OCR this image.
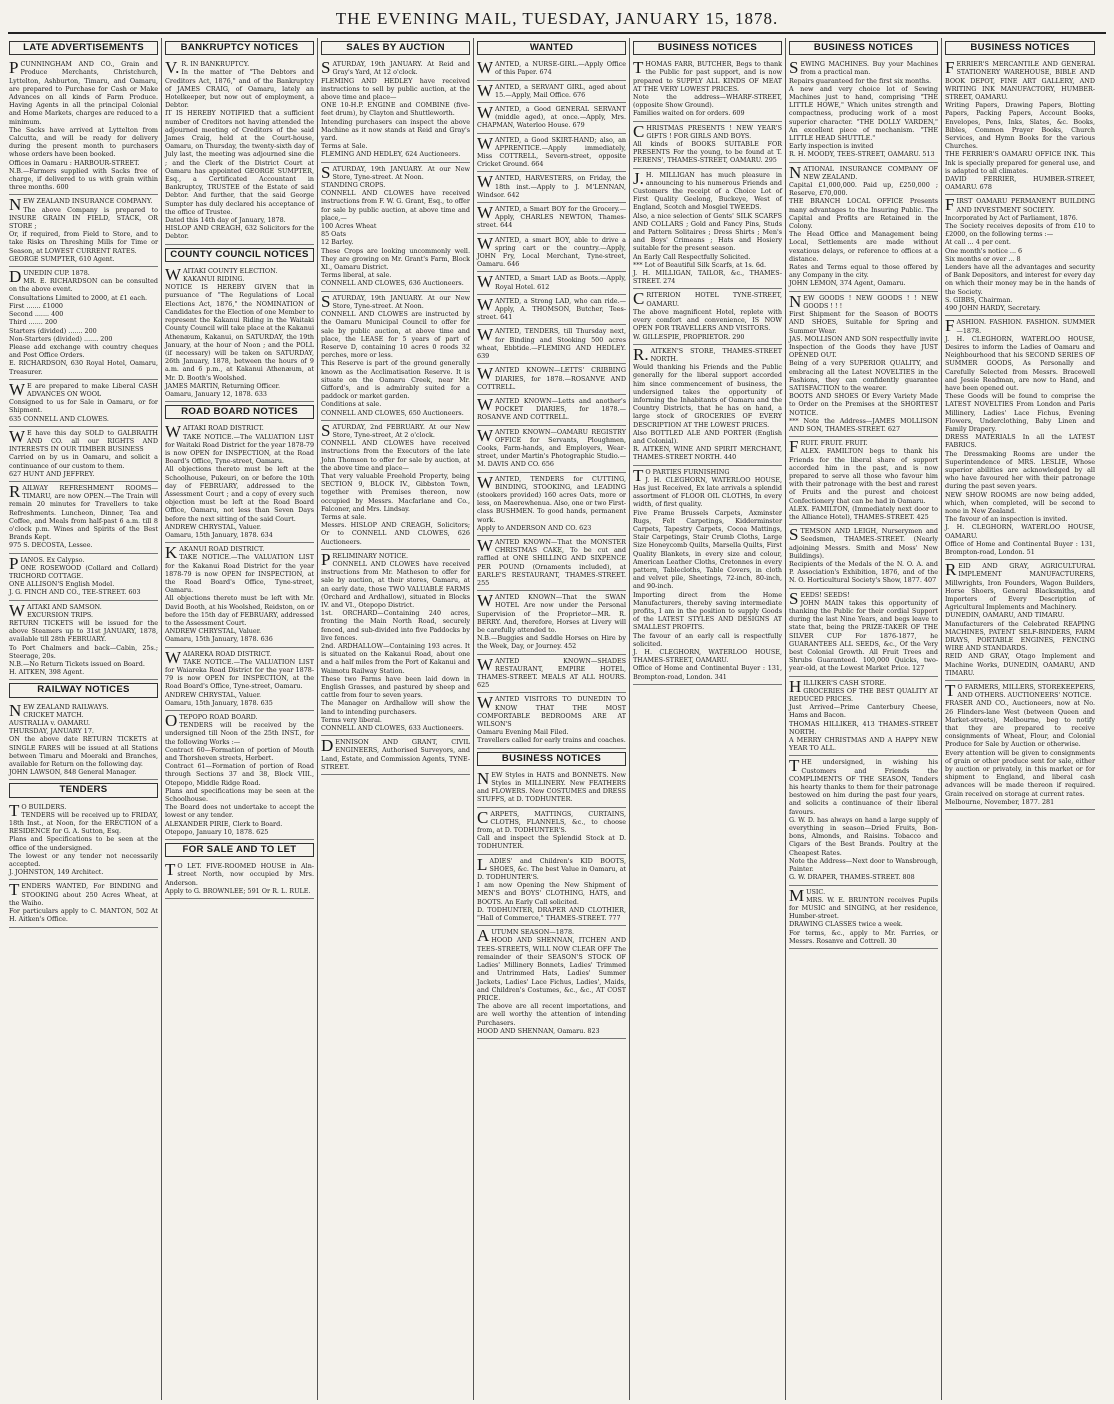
THE EVENING MAIL, TUESDAY, JANUARY 15, 1878.
LATE ADVERTISEMENTS

PCUNNINGHAM AND CO., Grain and Produce Merchants, Christchurch, Lyttelton, Ashburton, Timaru, and Oamaru, are prepared to Purchase for Cash or Make Advances on all kinds of Farm Produce. Having Agents in all the principal Colonial and Home Markets, charges are reduced to a minimum.
The Sacks have arrived at Lyttelton from Calcutta, and will be ready for delivery during the present month to purchasers whose orders have been booked.
Offices in Oamaru : HARBOUR-STREET.
N.B.—Farmers supplied with Sacks free of charge, if delivered to us with grain within three months. 600

NEW ZEALAND INSURANCE COMPANY.
The above Company is prepared to INSURE GRAIN IN FIELD, STACK, OR STORE ;
Or, if required, from Field to Store, and to take Risks on Threshing Mills for Time or Season, at LOWEST CURRENT RATES.
GEORGE SUMPTER, 610 Agent.

DUNEDIN CUP. 1878.
MR. E. RICHARDSON can be consulted on the above event.
Consultations Limited to 2000, at £1 each.
First ....... £1000
Second ....... 400
Third ....... 200
Starters (divided) ....... 200
Non-Starters (divided) ....... 200
Please add exchange with country cheques and Post Office Orders.
E. RICHARDSON, 630 Royal Hotel, Oamaru, Treasurer.

WE are prepared to make Liberal CASH ADVANCES ON WOOL
Consigned to us for Sale in Oamaru, or for Shipment.
635 CONNELL AND CLOWES.

WE have this day SOLD to GALBRAITH AND CO. all our RIGHTS AND INTERESTS IN OUR TIMBER BUSINESS
Carried on by us in Oamaru, and solicit a continuance of our custom to them.
627 HUNT AND JEFFREY.

RAILWAY REFRESHMENT ROOMS—TIMARU, are now OPEN.—The Train will remain 20 minutes for Travellers to take Refreshments. Luncheon, Dinner, Tea and Coffee, and Meals from half-past 6 a.m. till 8 o'clock p.m. Wines and Spirits of the Best Brands Kept.
975 S. DECOSTA, Lessee.

PIANOS. Ex Calypso.
ONE ROSEWOOD (Collard and Collard) TRICHORD COTTAGE.
ONE ALLISON'S English Model.
J. G. FINCH AND CO., TEE-STREET. 603

WAITAKI AND SAMSON.
EXCURSION TRIPS.
RETURN TICKETS will be issued for the above Steamers up to 31st JANUARY, 1878, available till 28th FEBRUARY.
To Port Chalmers and back—Cabin, 25s.; Steerage, 20s.
N.B.—No Return Tickets issued on Board.
H. AITKEN, 398 Agent.

RAILWAY NOTICES

NEW ZEALAND RAILWAYS.
CRICKET MATCH.
AUSTRALIA v. OAMARU.
THURSDAY, JANUARY 17.
ON the above date RETURN TICKETS at SINGLE FARES will be issued at all Stations between Timaru and Moeraki and Branches, available for Return on the following day.
JOHN LAWSON, 848 General Manager.

TENDERS

TO BUILDERS.
TENDERS will be received up to FRIDAY, 18th Inst., at Noon, for the ERECTION of a RESIDENCE for G. A. Sutton, Esq.
Plans and Specifications to be seen at the office of the undersigned.
The lowest or any tender not necessarily accepted.
J. JOHNSTON, 149 Architect.

TENDERS WANTED, For BINDING and STOOKING about 250 Acres Wheat, at the Waiho.
For particulars apply to C. MANTON, 502 At H. Aitken's Office.

BANKRUPTCY NOTICES

V.R. IN BANKRUPTCY.
In the matter of "The Debtors and Creditors Act, 1876," and of the Bankruptcy of JAMES CRAIG, of Oamaru, lately an Hotelkeeper, but now out of employment, a Debtor.
IT IS HEREBY NOTIFIED that a sufficient number of Creditors not having attended the adjourned meeting of Creditors of the said James Craig, held at the Court-house, Oamaru, on Thursday, the twenty-sixth day of July last, the meeting was adjourned sine die ; and the Clerk of the District Court at Oamaru has appointed GEORGE SUMPTER, Esq., a Certificated Accountant in Bankruptcy, TRUSTEE of the Estate of said Debtor. And further, that the said George Sumpter has duly declared his acceptance of the office of Trustee.
Dated this 14th day of January, 1878.
HISLOP AND CREAGH, 632 Solicitors for the Debtor.

COUNTY COUNCIL NOTICES

WAITAKI COUNTY ELECTION.
KAKANUI RIDING.
NOTICE IS HEREBY GIVEN that in pursuance of "The Regulations of Local Elections Act, 1876," the NOMINATION of Candidates for the Election of one Member to represent the Kakanui Riding in the Waitaki County Council will take place at the Kakanui Athenæum, Kakanui, on SATURDAY, the 19th January, at the hour of Noon ; and the POLL (if necessary) will be taken on SATURDAY, 26th January, 1878, between the hours of 9 a.m. and 6 p.m., at Kakanui Athenæum, at Mr. D. Booth's Woolshed.
JAMES MARTIN, Returning Officer.
Oamaru, January 12, 1878. 633

ROAD BOARD NOTICES

WAITAKI ROAD DISTRICT.
TAKE NOTICE.—The VALUATION LIST for Waitaki Road District for the year 1878-79 is now OPEN for INSPECTION, at the Road Board's Office, Tyne-street, Oamaru.
All objections thereto must be left at the Schoolhouse, Pukeuri, on or before the 10th day of FEBRUARY, addressed to the Assessment Court ; and a copy of every such objection must be left at the Road Board Office, Oamaru, not less than Seven Days before the next sitting of the said Court.
ANDREW CHRYSTAL, Valuer.
Oamaru, 15th January, 1878. 634

KAKANUI ROAD DISTRICT.
TAKE NOTICE.—The VALUATION LIST for the Kakanui Road District for the year 1878-79 is now OPEN for INSPECTION, at the Road Board's Office, Tyne-street, Oamaru.
All objections thereto must be left with Mr. David Booth, at his Woolshed, Reidston, on or before the 15th day of FEBRUARY, addressed to the Assessment Court.
ANDREW CHRYSTAL, Valuer.
Oamaru, 15th January, 1878. 636

WAIAREKA ROAD DISTRICT.
TAKE NOTICE.—The VALUATION LIST for Waiareka Road District for the year 1878-79 is now OPEN for INSPECTION, at the Road Board's Office, Tyne-street, Oamaru.
ANDREW CHRYSTAL, Valuer.
Oamaru, 15th January, 1878. 635

OTEPOPO ROAD BOARD.
TENDERS will be received by the undersigned till Noon of the 25th INST., for the following Works :—
Contract 60—Formation of portion of Mouth and Thorsheven streets, Herbert.
Contract 61—Formation of portion of Road through Sections 37 and 38, Block VIII., Otepopo, Middle Ridge Road.
Plans and specifications may be seen at the Schoolhouse.
The Board does not undertake to accept the lowest or any tender.
ALEXANDER PIRIE, Clerk to Board.
Otepopo, January 10, 1878. 625

FOR SALE AND TO LET

TO LET. FIVE-ROOMED HOUSE in Aln-street North, now occupied by Mrs. Anderson.
Apply to G. BROWNLEE; 591 Or R. L. RULE.

SALES BY AUCTION

SATURDAY, 19th JANUARY. At Reid and Gray's Yard, At 12 o'clock.
FLEMING AND HEDLEY have received instructions to sell by public auction, at the above time and place—
ONE 10-H.P. ENGINE and COMBINE (five-feet drum), by Clayton and Shuttleworth.
Intending purchasers can inspect the above Machine as it now stands at Reid and Gray's yard.
Terms at Sale.
FLEMING AND HEDLEY, 624 Auctioneers.

SATURDAY, 19th JANUARY. At our New Store, Tyne-street. At Noon.
STANDING CROPS.
CONNELL AND CLOWES have received instructions from F. W. G. Grant, Esq., to offer for sale by public auction, at above time and place,—
100 Acres Wheat
85 Oats
12 Barley.
These Crops are looking uncommonly well. They are growing on Mr. Grant's Farm, Block XI., Oamaru District.
Terms liberal, at sale.
CONNELL AND CLOWES, 636 Auctioneers.

SATURDAY, 19th JANUARY. At our New Store, Tyne-street. At Noon.
CONNELL AND CLOWES are instructed by the Oamaru Municipal Council to offer for sale by public auction, at above time and place, the LEASE for 5 years of part of Reserve D, containing 10 acres 0 roods 32 perches, more or less.
This Reserve is part of the ground generally known as the Acclimatisation Reserve. It is situate on the Oamaru Creek, near Mr. Gifford's, and is admirably suited for a paddock or market garden.
Conditions at sale.
CONNELL AND CLOWES, 650 Auctioneers.

SATURDAY, 2nd FEBRUARY. At our New Store, Tyne-street, At 2 o'clock.
CONNELL AND CLOWES have received instructions from the Executors of the late John Thomson to offer for sale by auction, at the above time and place—
That very valuable Freehold Property, being SECTION 9, BLOCK IV., Gibbston Town, together with Premises thereon, now occupied by Messrs. Macfarlane and Co., Falconer, and Mrs. Lindsay.
Terms at sale.
Messrs. HISLOP AND CREAGH, Solicitors; Or to CONNELL AND CLOWES, 626 Auctioneers.

PRELIMINARY NOTICE.
CONNELL AND CLOWES have received instructions from Mr. Matheson to offer for sale by auction, at their stores, Oamaru, at an early date, those TWO VALUABLE FARMS (Orchard and Ardhallow), situated in Blocks IV. and VI., Otepopo District.
1st. ORCHARD—Containing 240 acres, fronting the Main North Road, securely fenced, and sub-divided into five Paddocks by live fences.
2nd. ARDHALLOW—Containing 193 acres. It is situated on the Kakanui Road, about one and a half miles from the Port of Kakanui and Waimotu Railway Station.
These two Farms have been laid down in English Grasses, and pastured by sheep and cattle from four to seven years.
The Manager on Ardhallow will show the land to intending purchasers.
Terms very liberal.
CONNELL AND CLOWES, 633 Auctioneers.

DENNISON AND GRANT, CIVIL ENGINEERS, Authorised Surveyors, and Land, Estate, and Commission Agents, TYNE-STREET.

WANTED

WANTED, a NURSE-GIRL.—Apply Office of this Paper. 674

WANTED, a SERVANT GIRL, aged about 15.—Apply, Mail Office. 676

WANTED, a Good GENERAL SERVANT (middle aged), at once.—Apply, Mrs. CHAPMAN, Waterloo House. 679

WANTED, a Good SKIRT-HAND; also, an APPRENTICE.—Apply immediately, Miss COTTRELL, Severn-street, opposite Cricket Ground. 664

WANTED, HARVESTERS, on Friday, the 18th inst.—Apply to J. M'LENNAN, Windsor. 642

WANTED, a Smart BOY for the Grocery.—Apply, CHARLES NEWTON, Thames-street. 644

WANTED, a smart BOY, able to drive a spring cart or the country.—Apply, JOHN Fry, Local Merchant, Tyne-street, Oamaru. 646

WANTED, a Smart LAD as Boots.—Apply, Royal Hotel. 612

WANTED, a Strong LAD, who can ride.—Apply, A. THOMSON, Butcher, Tees-street. 641

WANTED, TENDERS, till Thursday next, for Binding and Stooking 500 acres wheat, Ebbtide.—FLEMING AND HEDLEY. 639

WANTED KNOWN—LETTS' CRIBBING DIARIES, for 1878.—ROSANVE AND COTTRELL.

WANTED KNOWN—Letts and another's POCKET DIARIES, for 1878.—ROSANVE AND COTTRELL.

WANTED KNOWN—OAMARU REGISTRY OFFICE for Servants, Ploughmen, Cooks, Farm-hands, and Employers, Wear-street, under Martin's Photographic Studio.—M. DAVIS AND CO. 656

WANTED, TENDERS for CUTTING, BINDING, STOOKING, and LEADING (stookers provided) 160 acres Oats, more or less, on Maerewhenua. Also, one or two First-class BUSHMEN. To good hands, permanent work.
Apply to ANDERSON AND CO. 623

WANTED KNOWN—That the MONSTER CHRISTMAS CAKE, To be cut and raffled at ONE SHILLING AND SIXPENCE PER POUND (Ornaments included), at EARLE'S RESTAURANT, THAMES-STREET. 255

WANTED KNOWN—That the SWAN HOTEL Are now under the Personal Supervision of the Proprietor—MR. R. BERRY. And, therefore, Horses at Livery will be carefully attended to.
N.B.—Buggies and Saddle Horses on Hire by the Week, Day, or Journey. 452

WANTED KNOWN—SHADES RESTAURANT, EMPIRE HOTEL, THAMES-STREET. MEALS AT ALL HOURS. 625

WANTED VISITORS TO DUNEDIN TO KNOW THAT THE MOST COMFORTABLE BEDROOMS ARE AT WILSON'S
Oamaru Evening Mail Filed.
Travellers called for early trains and coaches.

BUSINESS NOTICES

NEW Styles in HATS and BONNETS. New Styles in MILLINERY. New FEATHERS and FLOWERS. New COSTUMES and DRESS STUFFS, at D. TODHUNTER.

CARPETS, MATTINGS, CURTAINS, CLOTHS, FLANNELS, &c., to choose from, at D. TODHUNTER'S.
Call and inspect the Splendid Stock at D. TODHUNTER.

LADIES' and Children's KID BOOTS, SHOES, &c. The best Value in Oamaru, at D. TODHUNTER'S.
I am now Opening the New Shipment of MEN'S and BOYS' CLOTHING, HATS, and BOOTS. An Early Call solicited.
D. TODHUNTER, DRAPER AND CLOTHIER, "Hall of Commerce," THAMES-STREET. 777

AUTUMN SEASON—1878.
HOOD AND SHENNAN, ITCHEN AND TEES-STREETS, WILL NOW CLEAR OFF The remainder of their SEASON'S STOCK OF Ladies' Millinery Bonnets, Ladies' Trimmed and Untrimmed Hats, Ladies' Summer Jackets, Ladies' Lace Fichus, Ladies', Maids, and Children's Costumes, &c., &c., AT COST PRICE.
The above are all recent importations, and are well worthy the attention of intending Purchasers.
HOOD AND SHENNAN, Oamaru. 823

BUSINESS NOTICES

THOMAS FARR, BUTCHER, Begs to thank the Public for past support, and is now prepared to SUPPLY ALL KINDS OF MEAT AT THE VERY LOWEST PRICES.
Note the address—WHARF-STREET, (opposite Show Ground).
Families waited on for orders. 609

CHRISTMAS PRESENTS ! NEW YEAR'S GIFTS ! FOR GIRLS AND BOYS.
All kinds of BOOKS SUITABLE FOR PRESENTS For the young, to be found at T. FERENS', THAMES-STREET, OAMARU. 295

J.H. MILLIGAN has much pleasure in announcing to his numerous Friends and Customers the receipt of a Choice Lot of First Quality Geelong, Buckeye, West of England, Scotch and Mosgiel TWEEDS.
Also, a nice selection of Gents' SILK SCARFS AND COLLARS ; Gold and Fancy Pins, Studs and Pattern Solitaires ; Dress Shirts ; Men's and Boys' Crimeans ; Hats and Hosiery suitable for the present season.
An Early Call Respectfully Solicited.
*** Lot of Beautiful Silk Scarfs, at 1s. 6d.
J. H. MILLIGAN, TAILOR, &c., THAMES-STREET. 274

CRITERION HOTEL TYNE-STREET, OAMARU.
The above magnificent Hotel, replete with every comfort and convenience, IS NOW OPEN FOR TRAVELLERS AND VISITORS.
W. GILLESPIE, PROPRIETOR. 290

R.AITKEN'S STORE, THAMES-STREET NORTH.
Would thanking his Friends and the Public generally for the liberal support accorded him since commencement of business, the undersigned takes the opportunity of informing the Inhabitants of Oamaru and the Country Districts, that he has on hand, a large stock of GROCERIES OF EVERY DESCRIPTION AT THE LOWEST PRICES.
Also BOTTLED ALE AND PORTER (English and Colonial).
R. AITKEN, WINE AND SPIRIT MERCHANT, THAMES-STREET NORTH. 440

TO PARTIES FURNISHING
J. H. CLEGHORN, WATERLOO HOUSE, Has just Received, Ex late arrivals a splendid assortment of FLOOR OIL CLOTHS, In every width, of first quality.
Five Frame Brussels Carpets, Axminster Rugs, Felt Carpetings, Kidderminster Carpets, Tapestry Carpets, Cocoa Mattings, Stair Carpetings, Stair Crumb Cloths, Large Size Honeycomb Quilts, Marsella Quilts, First Quality Blankets, in every size and colour, American Leather Cloths, Cretonnes in every pattern, Tablecloths, Table Covers, in cloth and velvet pile, Sheetings, 72-inch, 80-inch, and 90-inch.
Importing direct from the Home Manufacturers, thereby saving intermediate profits, I am in the position to supply Goods of the LATEST STYLES AND DESIGNS AT SMALLEST PROFITS.
The favour of an early call is respectfully solicited.
J. H. CLEGHORN, WATERLOO HOUSE, THAMES-STREET, OAMARU.
Office of Home and Continental Buyer : 131, Brompton-road, London. 341

BUSINESS NOTICES

SEWING MACHINES. Buy your Machines from a practical man.
Repairs guaranteed for the first six months.
A new and very choice lot of Sewing Machines just to hand, comprising "THE LITTLE HOWE," Which unites strength and compactness, producing work of a most superior character. "THE DOLLY VARDEN," An excellent piece of mechanism. "THE LITTLE HEAD SHUTTLE."
Early inspection is invited
R. H. MOODY, TEES-STREET, OAMARU. 513

NATIONAL INSURANCE COMPANY OF NEW ZEALAND.
Capital £1,000,000. Paid up, £250,000 ; Reserve, £70,000.
THE BRANCH LOCAL OFFICE Presents many advantages to the Insuring Public. The Capital and Profits are Retained in the Colony.
The Head Office and Management being Local, Settlements are made without vexatious delays, or reference to offices at a distance.
Rates and Terms equal to those offered by any Company in the city.
JOHN LEMON, 374 Agent, Oamaru.

NEW GOODS ! NEW GOODS ! ! NEW GOODS ! ! !
First Shipment for the Season of BOOTS AND SHOES, Suitable for Spring and Summer Wear.
JAS. MOLLISON AND SON respectfully invite Inspection of the Goods they have JUST OPENED OUT.
Being of a very SUPERIOR QUALITY, and embracing all the Latest NOVELTIES in the Fashions, they can confidently guarantee SATISFACTION to the wearer.
BOOTS AND SHOES Of Every Variety Made to Order on the Premises at the SHORTEST NOTICE.
*** Note the Address—JAMES MOLLISON AND SON, THAMES-STREET. 627

FRUIT. FRUIT. FRUIT.
ALEX. FAMILTON begs to thank his Friends for the liberal share of support accorded him in the past, and is now prepared to serve all those who favour him with their patronage with the best and rarest of Fruits and the purest and choicest Confectionery that can be had in Oamaru.
ALEX. FAMILTON, (Immediately next door to the Alliance Hotel), THAMES-STREET. 425

STEMSON AND LEIGH, Nurserymen and Seedsmen, THAMES-STREET. (Nearly adjoining Messrs. Smith and Moss' New Buildings).
Recipients of the Medals of the N. O. A. and P. Association's Exhibition, 1876, and of the N. O. Horticultural Society's Show, 1877. 407

SEEDS! SEEDS!
JOHN MAIN takes this opportunity of thanking the Public for their cordial Support during the last Nine Years, and begs leave to state that, being the PRIZE-TAKER OF THE SILVER CUP For 1876-1877, he GUARANTEES ALL SEEDS, &c., Of the Very best Colonial Growth. All Fruit Trees and Shrubs Guaranteed. 100,000 Quicks, two-year-old, at the Lowest Market Price. 127

HILLIKER'S CASH STORE.
GROCERIES OF THE BEST QUALITY AT REDUCED PRICES.
Just Arrived—Prime Canterbury Cheese, Hams and Bacon.
THOMAS HILLIKER, 413 THAMES-STREET NORTH.
A MERRY CHRISTMAS AND A HAPPY NEW YEAR TO ALL.

THE undersigned, in wishing his Customers and Friends the COMPLIMENTS OF THE SEASON, Tenders his hearty thanks to them for their patronage bestowed on him during the past four years, and solicits a continuance of their liberal favours.
G. W. D. has always on hand a large supply of everything in season—Dried Fruits, Bon-bons, Almonds, and Raisins. Tobacco and Cigars of the Best Brands. Poultry at the Cheapest Rates.
Note the Address—Next door to Wansbrough, Painter.
G. W. DRAPER, THAMES-STREET. 808

MUSIC.
MRS. W. E. BRUNTON receives Pupils for MUSIC and SINGING, at her residence, Humber-street.
DRAWING CLASSES twice a week.
For terms, &c., apply to Mr. Farries, or Messrs. Rosanve and Cottrell. 30

BUSINESS NOTICES

FERRIER'S MERCANTILE AND GENERAL STATIONERY WAREHOUSE, BIBLE AND BOOK DEPOT, FINE ART GALLERY, AND WRITING INK MANUFACTORY, HUMBER-STREET, OAMARU.
Writing Papers, Drawing Papers, Blotting Papers, Packing Papers, Account Books, Envelopes, Pens, Inks, Slates, &c. Books, Bibles, Common Prayer Books, Church Services, and Hymn Books for the various Churches.
THE FERRIER'S OAMARU OFFICE INK. This Ink is specially prepared for general use, and is adapted to all climates.
DAVID FERRIER, HUMBER-STREET, OAMARU. 678

FIRST OAMARU PERMANENT BUILDING AND INVESTMENT SOCIETY.
Incorporated by Act of Parliament, 1876.
The Society receives deposits of from £10 to £2000, on the following terms :—
At call ... 4 per cent.
One month's notice ... 6
Six months or over ... 8
Lenders have all the advantages and security of Bank Depositors, and interest for every day on which their money may be in the hands of the Society.
S. GIBBS, Chairman.
490 JOHN HARDY, Secretary.

FASHION. FASHION. FASHION. SUMMER—1878.
J. H. CLEGHORN, WATERLOO HOUSE, Desires to inform the Ladies of Oamaru and Neighbourhood that his SECOND SERIES OF SUMMER GOODS, As Personally and Carefully Selected from Messrs. Bracewell and Jessie Readman, are now to Hand, and have been opened out.
These Goods will be found to comprise the LATEST NOVELTIES From London and Paris Millinery, Ladies' Lace Fichus, Evening Flowers, Underclothing, Baby Linen and Family Drapery.
DRESS MATERIALS In all the LATEST FABRICS.
The Dressmaking Rooms are under the Superintendence of MRS. LESLIE, Whose superior abilities are acknowledged by all who have favoured her with their patronage during the past seven years.
NEW SHOW ROOMS are now being added, which, when completed, will be second to none in New Zealand.
The favour of an inspection is invited.
J. H. CLEGHORN, WATERLOO HOUSE, OAMARU.
Office of Home and Continental Buyer : 131, Brompton-road, London. 51

REID AND GRAY, AGRICULTURAL IMPLEMENT MANUFACTURERS, Millwrights, Iron Founders, Wagon Builders, Horse Shoers, General Blacksmiths, and Importers of Every Description of Agricultural Implements and Machinery.
DUNEDIN, OAMARU, AND TIMARU.
Manufacturers of the Celebrated REAPING MACHINES, PATENT SELF-BINDERS, FARM DRAYS, PORTABLE ENGINES, FENCING WIRE AND STANDARDS.
REID AND GRAY, Otago Implement and Machine Works, DUNEDIN, OAMARU, AND TIMARU.

TO FARMERS, MILLERS, STOREKEEPERS, AND OTHERS. AUCTIONEERS' NOTICE.
FRASER AND CO., Auctioneers, now at No. 26 Flinders-lane West (between Queen and Market-streets), Melbourne, beg to notify that they are prepared to receive consignments of Wheat, Flour, and Colonial Produce for Sale by Auction or otherwise.
Every attention will be given to consignments of grain or other produce sent for sale, either by auction or privately, in this market or for shipment to England, and liberal cash advances will be made thereon if required. Grain received on storage at current rates.
Melbourne, November, 1877. 281
